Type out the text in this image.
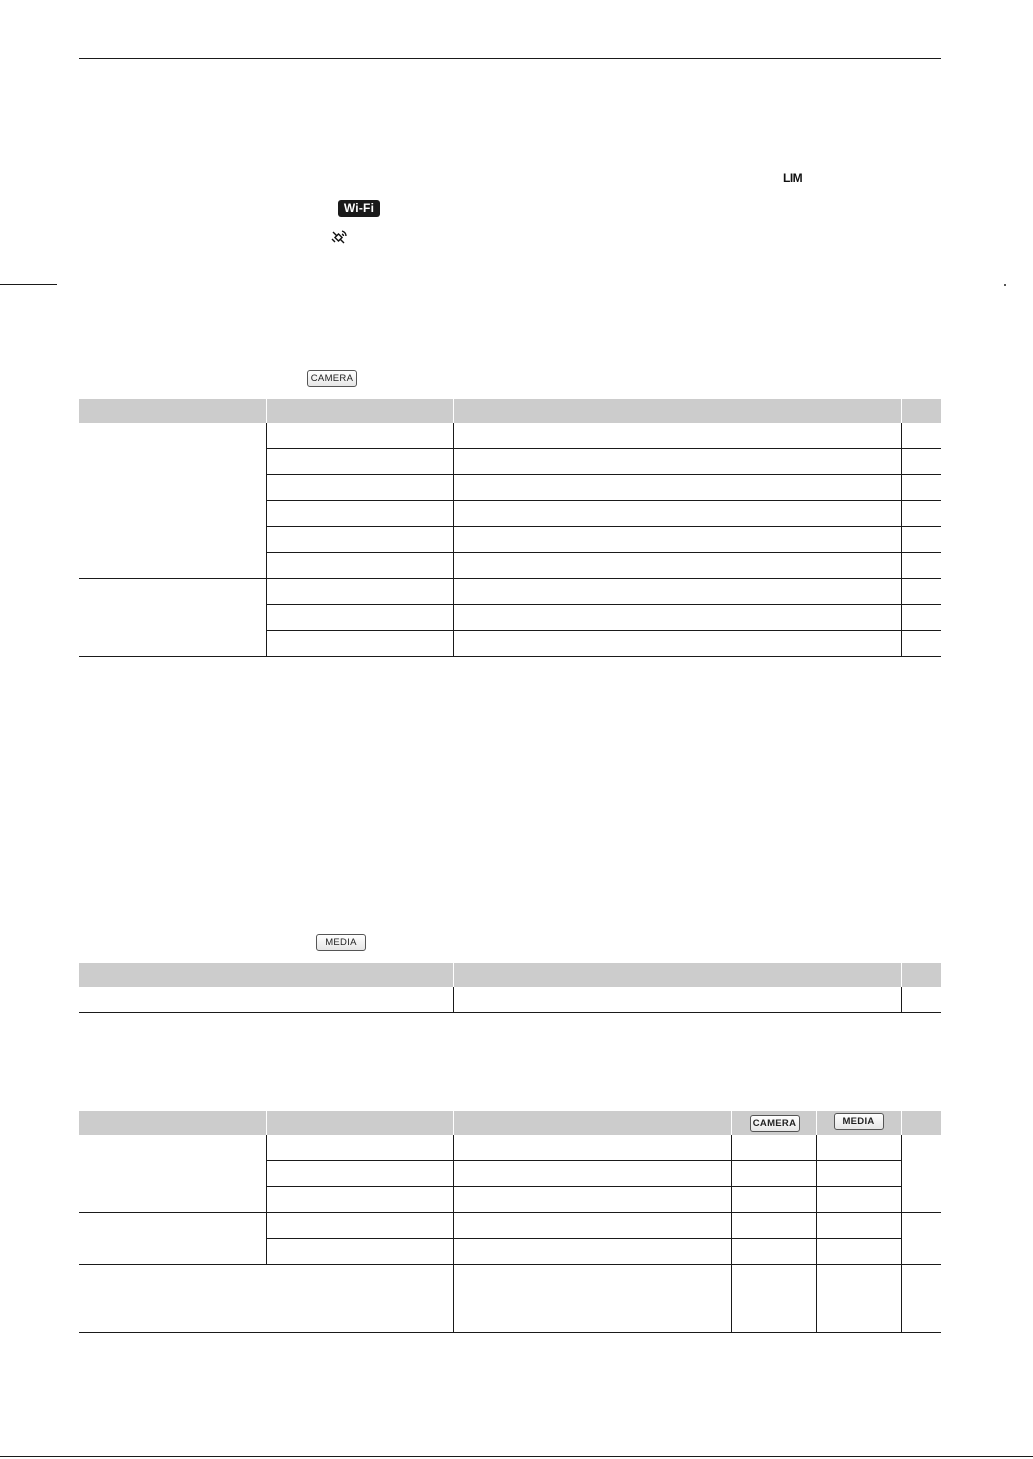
LIM
Wi-Fi
CAMERA

MEDIA

			CAMERA	MEDIA	
